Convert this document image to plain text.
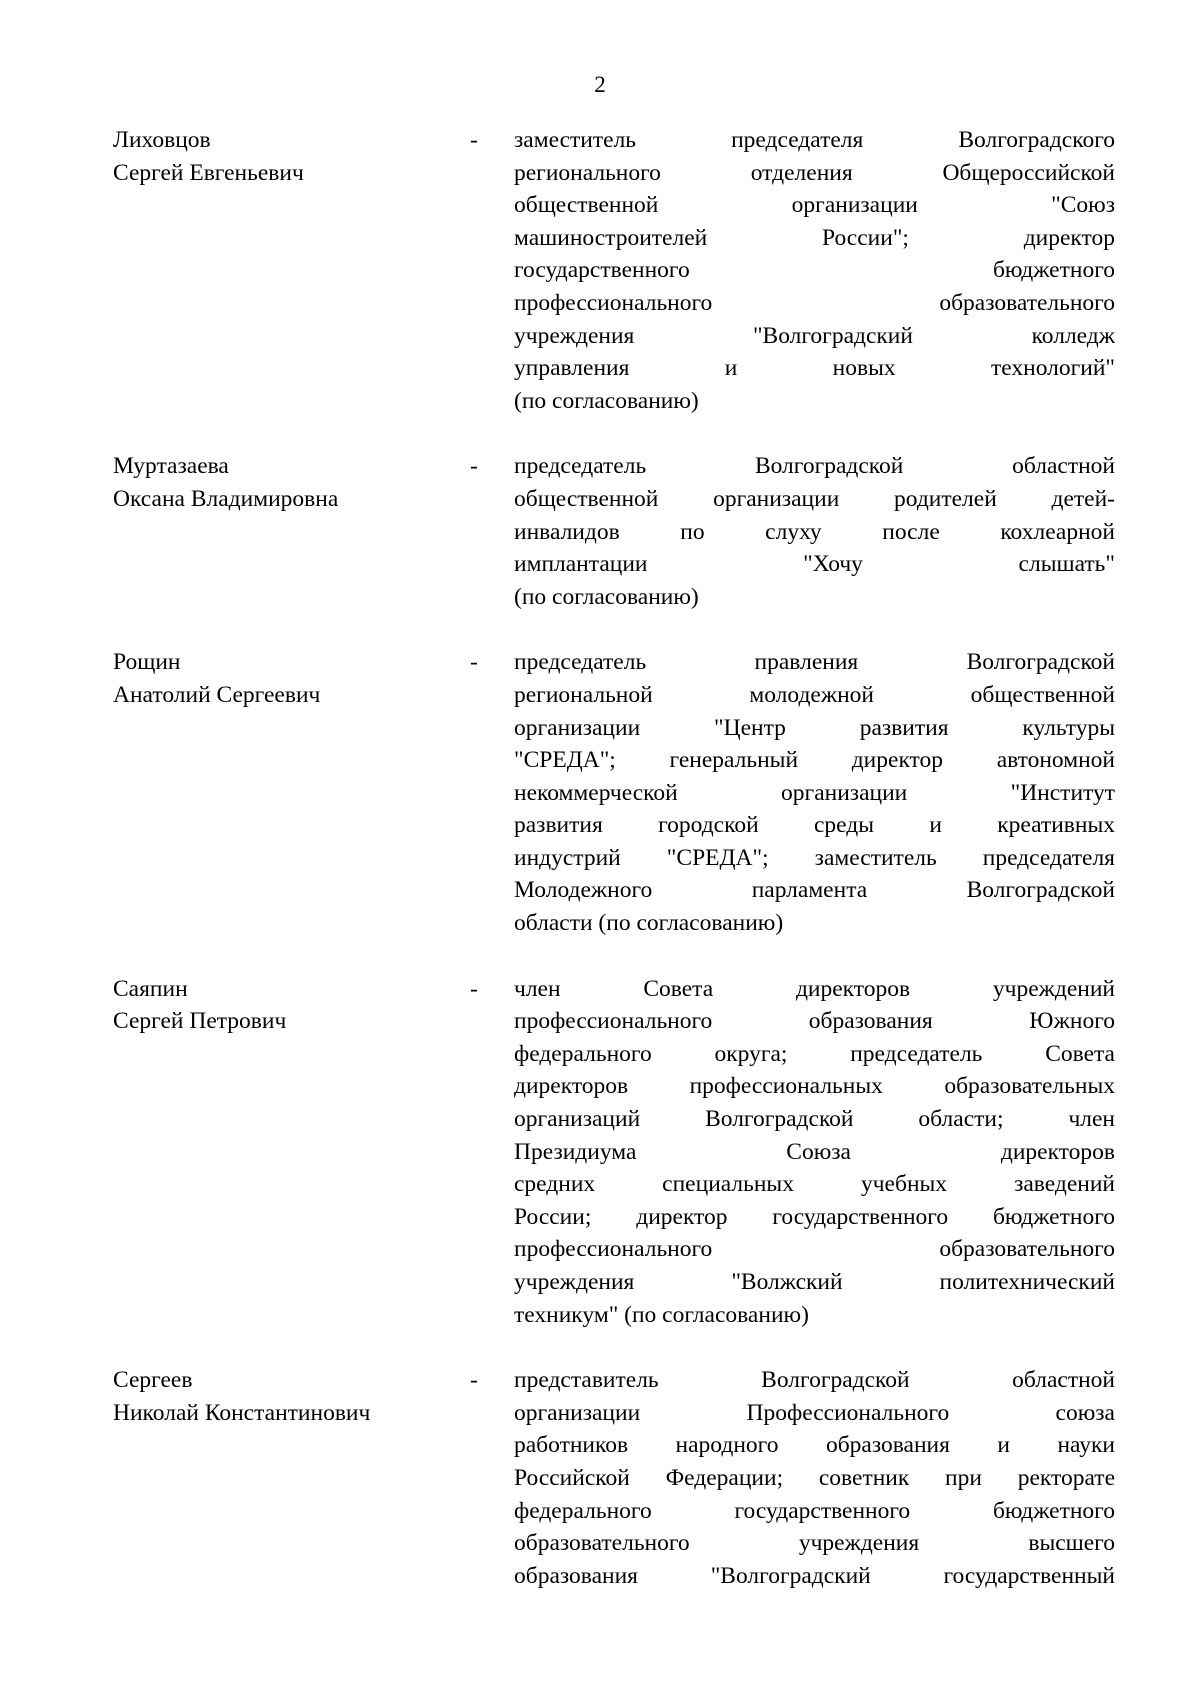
2
Лиховцов
Сергей Евгеньевич
- заместитель председателя Волгоградского
регионального отделения Общероссийской
общественной организации "Союз
машиностроителей России"; директор
государственного бюджетного
профессионального образовательного
учреждения "Волгоградский колледж
управления и новых технологий"
(по согласованию)
Муртазаева
Оксана Владимировна
- председатель Волгоградской областной
общественной организации родителей детей-
инвалидов по слуху после кохлеарной
имплантации "Хочу слышать"
(по согласованию)
Рощин
Анатолий Сергеевич
- председатель правления Волгоградской
региональной молодежной общественной
организации "Центр развития культуры
"СРЕДА"; генеральный директор автономной
некоммерческой организации "Институт
развития городской среды и креативных
индустрий "СРЕДА"; заместитель председателя
Молодежного парламента Волгоградской
области (по согласованию)
Саяпин
Сергей Петрович
- член Совета директоров учреждений
профессионального образования Южного
федерального округа; председатель Совета
директоров профессиональных образовательных
организаций Волгоградской области; член
Президиума Союза директоров
средних специальных учебных заведений
России; директор государственного бюджетного
профессионального образовательного
учреждения "Волжский политехнический
техникум" (по согласованию)
Сергеев
Николай Константинович
- представитель Волгоградской областной
организации Профессионального союза
работников народного образования и науки
Российской Федерации; советник при ректорате
федерального государственного бюджетного
образовательного учреждения высшего
образования "Волгоградский государственный
